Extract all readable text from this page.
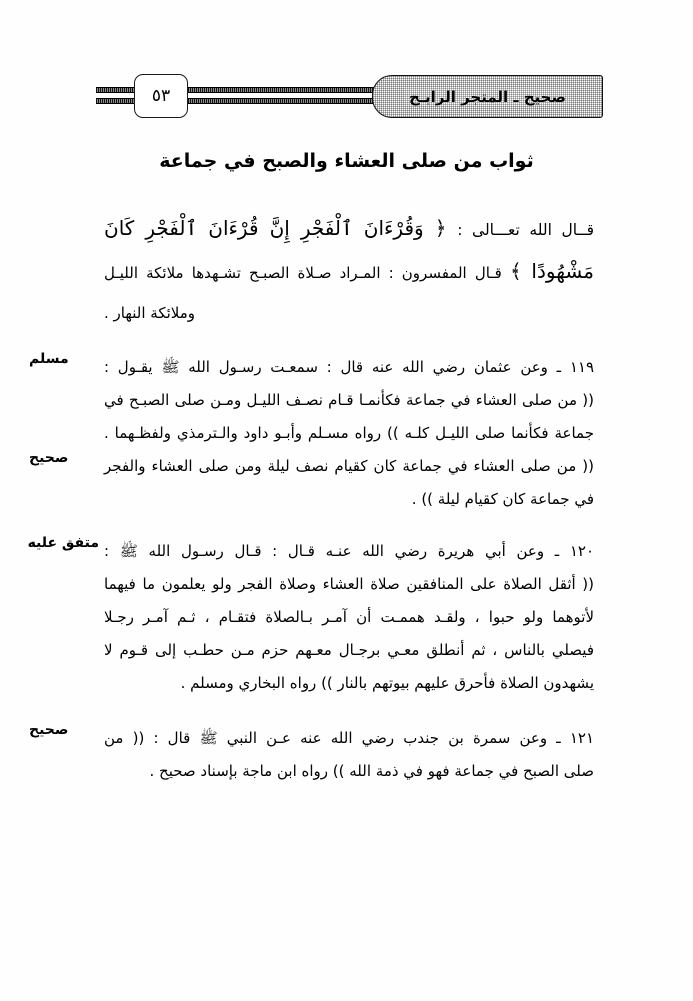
٥٣	صحيح ـ المتجر الرابـح
ثواب من صلى العشاء والصبح في جماعة
قــال الله تعـــالى : ﴿ وَقُرْءَانَ ٱلْفَجْرِ إِنَّ قُرْءَانَ ٱلْفَجْرِ كَانَ
مَشْهُودًا ﴾ قـال المفسرون : المـراد صـلاة الصبـح تشـهدها ملائكة الليـل
وملائكة النهار .
مسلم
صحيح
١١٩ ـ وعن عثمان رضي الله عنه قال : سمعـت رسـول الله ﷺ يقـول :
(( من صلى العشاء في جماعة فكأنمـا قـام نصـف الليـل ومـن صلى الصبـح في
جماعة فكأنما صلى الليـل كلـه )) رواه مسـلم وأبـو داود والـترمذي ولفظـهما .
(( من صلى العشاء في جماعة كان كقيام نصف ليلة ومن صلى العشاء والفجر
في جماعة كان كقيام ليلة )) .
متفق عليه ١٢٠ ـ وعن أبي هريرة رضي الله عنـه قـال : قـال رسـول الله ﷺ :
(( أثقل الصلاة على المنافقين صلاة العشاء وصلاة الفجر ولو يعلمون ما فيهما
لأتوهما ولو حبوا ، ولقـد هممـت أن آمـر بـالصلاة فتقـام ، ثـم آمـر رجـلا
فيصلي بالناس ، ثم أنطلق معـي برجـال معـهم حزم مـن حطـب إلى قـوم لا
يشهدون الصلاة فأحرق عليهم بيوتهم بالنار )) رواه البخاري ومسلم .
صحيح	١٢١ ـ وعن سمرة بن جندب رضي الله عنه عـن النبي ﷺ قال : (( من
صلى الصبح في جماعة فهو في ذمة الله )) رواه ابن ماجة بإسناد صحيح .
